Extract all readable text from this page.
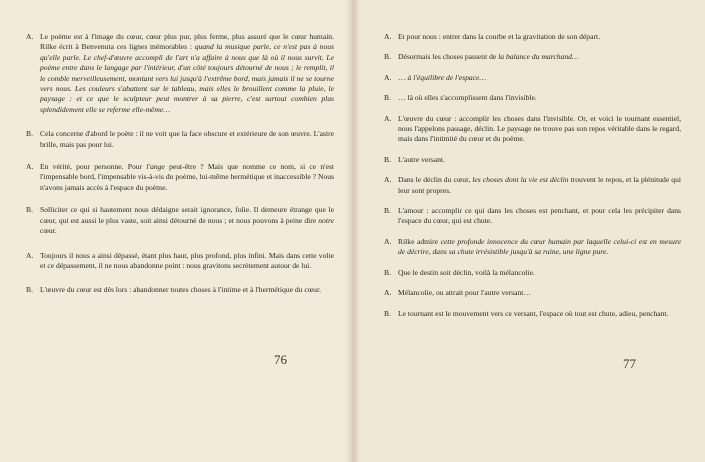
A. Le poème est à l'image du cœur, cœur plus pur, plus ferme, plus assuré que le cœur humain. Rilke écrit à Benvenuta ces lignes mémorables : quand la musique parle, ce n'est pas à nous qu'elle parle. Le chef-d'œuvre accompli de l'art n'a affaire à nous que là où il nous survit. Le poème entre dans le langage par l'intérieur, d'un côté toujours détourné de nous ; le remplit, il le comble merveilleusement, montant vers lui jusqu'à l'extrême bord, mais jamais il ne se tourne vers nous. Les couleurs s'abattent sur le tableau, mais elles le brouillent comme la pluie, le paysage : et ce que le sculpteur peut montrer à sa pierre, c'est surtout combien plus splendidement elle se referme elle-même…
B. Cela concerne d'abord le poète : il ne voit que la face obscure et extérieure de son œuvre. L'astre brille, mais pas pour lui.
A. En vérité, pour personne. Pour l'ange peut-être ? Mais que nomme ce nom, si ce n'est l'impensable bord, l'impensable vis-à-vis du poème, lui-même hermétique et inaccessible ? Nous n'avons jamais accès à l'espace du poème.
B. Solliciter ce qui si hautement nous dédaigne serait ignorance, folie. Il demeure étrange que le cœur, qui est aussi le plus vaste, soit ainsi détourné de nous ; et nous pouvons à peine dire notre cœur.
A. Toujours il nous a ainsi dépassé, étant plus haut, plus profond, plus infini. Mais dans cette volte et ce dépassement, il ne nous abandonne point : nous gravitons secrètement autour de lui.
B. L'œuvre du cœur est dès lors : abandonner toutes choses à l'intime et à l'hermétique du cœur.
A. Et pour nous : entrer dans la courbe et la gravitation de son départ.
B. Désormais les choses passent de la balance du marchand…
A. … à l'équilibre de l'espace…
B. … là où elles s'accomplissent dans l'invisible.
A. L'œuvre du cœur : accomplir les choses dans l'invisible. Or, et voici le tournant essentiel, nous l'appelons passage, déclin. Le paysage ne trouve pas son repos véritable dans le regard, mais dans l'intimité du cœur et du poème.
B. L'autre versant.
A. Dans le déclin du cœur, les choses dont la vie est déclin trouvent le repos, et la plénitude qui leur sont propres.
B. L'amour : accomplir ce qui dans les choses est penchant, et pour cela les précipiter dans l'espace du cœur, qui est chute.
A. Rilke admire cette profonde innocence du cœur humain par laquelle celui-ci est en mesure de décrire, dans sa chute irrésistible jusqu'à sa ruine, une ligne pure.
B. Que le destin soit déclin, voilà la mélancolie.
A. Mélancolie, ou attrait pour l'autre versant…
B. Le tournant est le mouvement vers ce versant, l'espace où tout est chute, adieu, penchant.
76	77
